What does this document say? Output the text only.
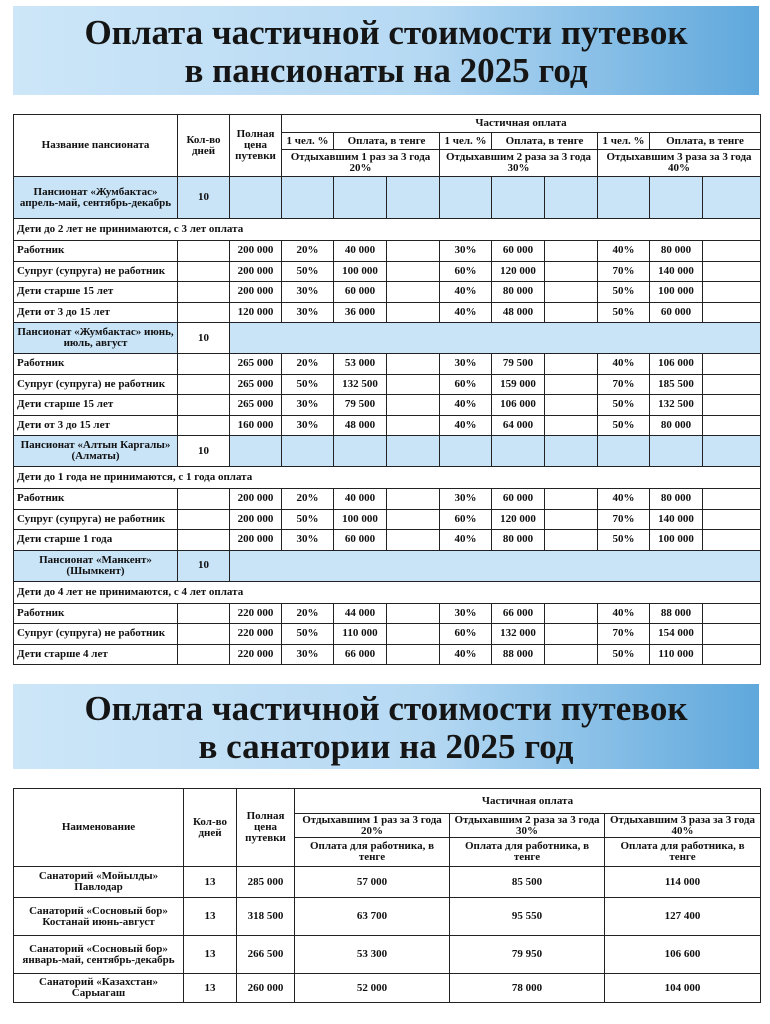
Оплата частичной стоимости путевок
в пансионаты на 2025 год
Название пансионата	Кол-во дней	Полная цена путевки	Частичная оплата								
			1 чел. %	Оплата, в тенге		1 чел. %	Оплата, в тенге		1 чел. %	Оплата, в тенге	
			Отдыхавшим 1 раз за 3 года 20%			Отдыхавшим 2 раза за 3 года 30%			Отдыхавшим 3 раза за 3 года 40%		
Пансионат «Жумбактас» апрель-май, сентябрь-декабрь	10										
Дети до 2 лет не принимаются, с 3 лет оплата											
Работник		200 000	20%	40 000		30%	60 000		40%	80 000	
Супруг (супруга) не работник		200 000	50%	100 000		60%	120 000		70%	140 000	
Дети старше 15 лет		200 000	30%	60 000		40%	80 000		50%	100 000	
Дети от 3 до 15 лет		120 000	30%	36 000		40%	48 000		50%	60 000	
Пансионат «Жумбактас» июнь, июль, август	10										
Работник		265 000	20%	53 000		30%	79 500		40%	106 000	
Супруг (супруга) не работник		265 000	50%	132 500		60%	159 000		70%	185 500	
Дети старше 15 лет		265 000	30%	79 500		40%	106 000		50%	132 500	
Дети от 3 до 15 лет		160 000	30%	48 000		40%	64 000		50%	80 000	
Пансионат «Алтын Каргалы» (Алматы)	10										
Дети до 1 года не принимаются, с 1 года оплата											
Работник		200 000	20%	40 000		30%	60 000		40%	80 000	
Супруг (супруга) не работник		200 000	50%	100 000		60%	120 000		70%	140 000	
Дети старше 1 года		200 000	30%	60 000		40%	80 000		50%	100 000	
Пансионат «Манкент» (Шымкент)	10										
Дети до 4 лет не принимаются, с 4 лет оплата											
Работник		220 000	20%	44 000		30%	66 000		40%	88 000	
Супруг (супруга) не работник		220 000	50%	110 000		60%	132 000		70%	154 000	
Дети старше 4 лет		220 000	30%	66 000		40%	88 000		50%	110 000	
Оплата частичной стоимости путевок
в санатории на 2025 год
Наименование	Кол-во дней	Полная цена путевки	Частичная оплата		
			Отдыхавшим 1 раз за 3 года 20%	Отдыхавшим 2 раза за 3 года 30%	Отдыхавшим 3 раза за 3 года 40%
			Оплата для работника, в тенге	Оплата для работника, в тенге	Оплата для работника, в тенге
Санаторий «Мойылды» Павлодар	13	285 000	57 000	85 500	114 000
Санаторий «Сосновый бор» Костанай июнь-август	13	318 500	63 700	95 550	127 400
Санаторий «Сосновый бор» январь-май, сентябрь-декабрь	13	266 500	53 300	79 950	106 600
Санаторий «Казахстан» Сарыагаш	13	260 000	52 000	78 000	104 000
